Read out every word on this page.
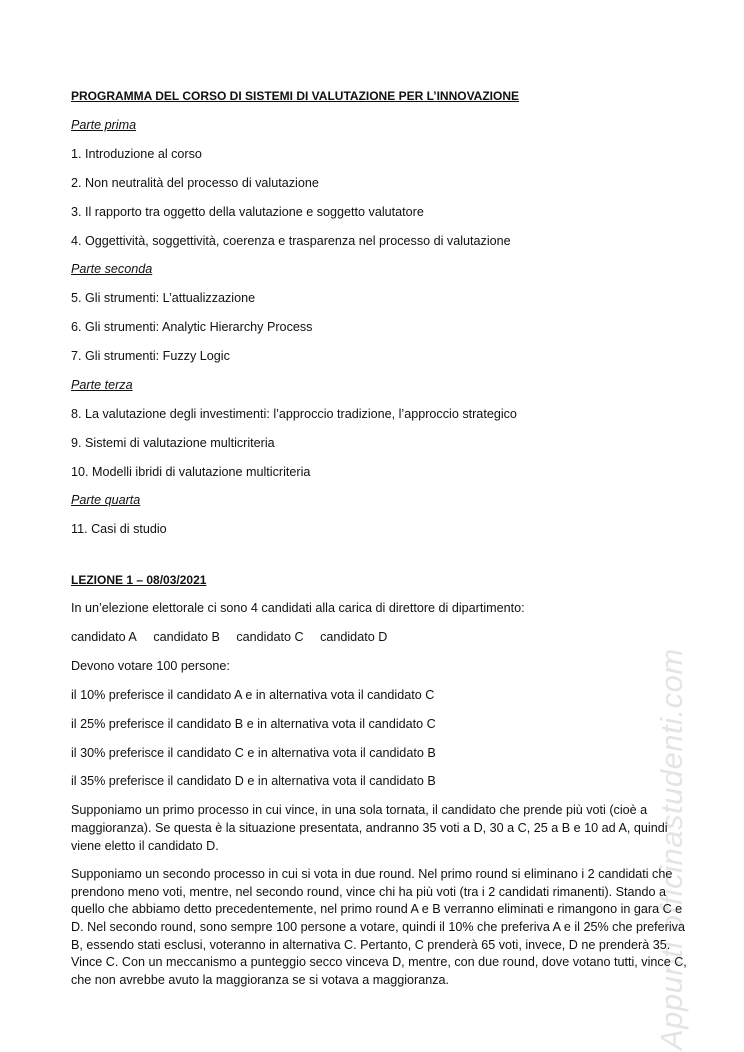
PROGRAMMA DEL CORSO DI SISTEMI DI VALUTAZIONE PER L’INNOVAZIONE
Parte prima
1. Introduzione al corso
2. Non neutralità del processo di valutazione
3. Il rapporto tra oggetto della valutazione e soggetto valutatore
4. Oggettività, soggettività, coerenza e trasparenza nel processo di valutazione
Parte seconda
5. Gli strumenti: L’attualizzazione
6. Gli strumenti: Analytic Hierarchy Process
7. Gli strumenti: Fuzzy Logic
Parte terza
8. La valutazione degli investimenti: l’approccio tradizione, l’approccio strategico
9. Sistemi di valutazione multicriteria
10. Modelli ibridi di valutazione multicriteria
Parte quarta
11. Casi di studio
LEZIONE 1 – 08/03/2021
In un’elezione elettorale ci sono 4 candidati alla carica di direttore di dipartimento:
candidato A candidato B candidato C candidato D
Devono votare 100 persone:
il 10% preferisce il candidato A e in alternativa vota il candidato C
il 25% preferisce il candidato B e in alternativa vota il candidato C
il 30% preferisce il candidato C e in alternativa vota il candidato B
il 35% preferisce il candidato D e in alternativa vota il candidato B
Supponiamo un primo processo in cui vince, in una sola tornata, il candidato che prende più voti (cioè a maggioranza). Se questa è la situazione presentata, andranno 35 voti a D, 30 a C, 25 a B e 10 ad A, quindi viene eletto il candidato D.
Supponiamo un secondo processo in cui si vota in due round. Nel primo round si eliminano i 2 candidati che prendono meno voti, mentre, nel secondo round, vince chi ha più voti (tra i 2 candidati rimanenti). Stando a quello che abbiamo detto precedentemente, nel primo round A e B verranno eliminati e rimangono in gara C e D. Nel secondo round, sono sempre 100 persone a votare, quindi il 10% che preferiva A e il 25% che preferiva B, essendo stati esclusi, voteranno in alternativa C. Pertanto, C prenderà 65 voti, invece, D ne prenderà 35. Vince C. Con un meccanismo a punteggio secco vinceva D, mentre, con due round, dove votano tutti, vince C, che non avrebbe avuto la maggioranza se si votava a maggioranza.	Appunti officinastudenti.com
